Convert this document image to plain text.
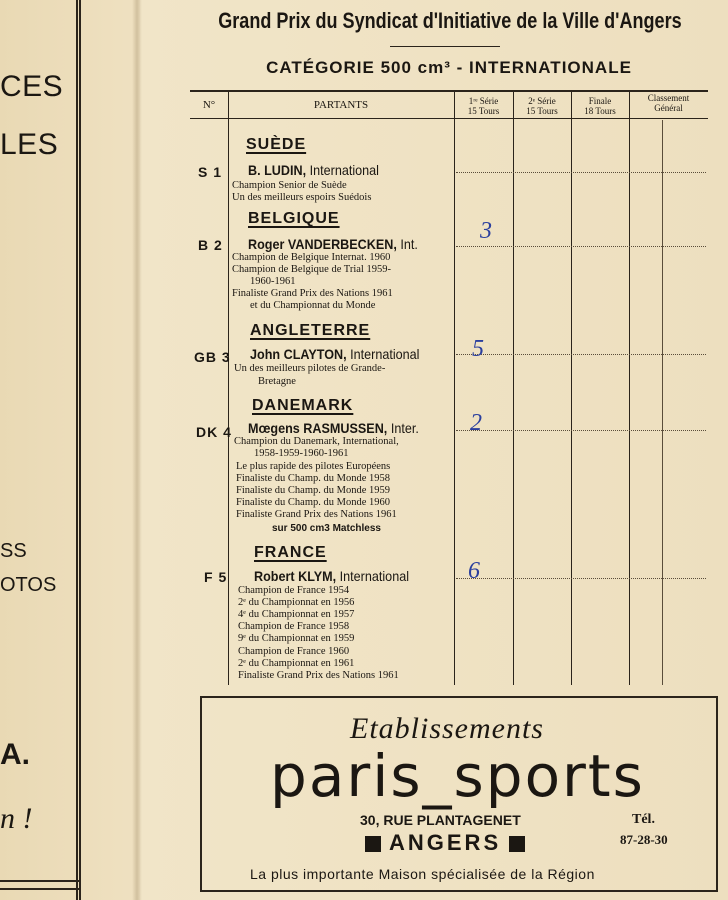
CES
LES
SS
OTOS
A.
n !
Grand Prix du Syndicat d'Initiative de la Ville d'Angers
CATÉGORIE 500 cm³ - INTERNATIONALE
N°	PARTANTS	1ʳᵉ Série
15 Tours
2ᵉ Série
15 Tours
Finale
18 Tours
Classement
Général
SUÈDE
S 1 B. LUDIN, International
Champion Senior de Suède
Un des meilleurs espoirs Suédois
BELGIQUE
B 2 Roger VANDERBECKEN, Int.
Champion de Belgique Internat. 1960
Champion de Belgique de Trial 1959-
1960-1961
Finaliste Grand Prix des Nations 1961
et du Championnat du Monde
3
ANGLETERRE
GB 3 John CLAYTON, International
Un des meilleurs pilotes de Grande-
Bretagne
5
DANEMARK
DK 4 Mœgens RASMUSSEN, Inter.
Champion du Danemark, International,
1958-1959-1960-1961
Le plus rapide des pilotes Européens
Finaliste du Champ. du Monde 1958
Finaliste du Champ. du Monde 1959
Finaliste du Champ. du Monde 1960
Finaliste Grand Prix des Nations 1961
sur 500 cm3 Matchless
2
FRANCE
F 5 Robert KLYM, International
Champion de France 1954
2ᵉ du Championnat en 1956
4ᵉ du Championnat en 1957
Champion de France 1958
9ᵉ du Championnat en 1959
Champion de France 1960
2ᵉ du Championnat en 1961
Finaliste Grand Prix des Nations 1961
6
Etablissements
paris_sports
30, RUE PLANTAGENET
ANGERS
Tél.
87-28-30
La plus importante Maison spécialisée de la Région
